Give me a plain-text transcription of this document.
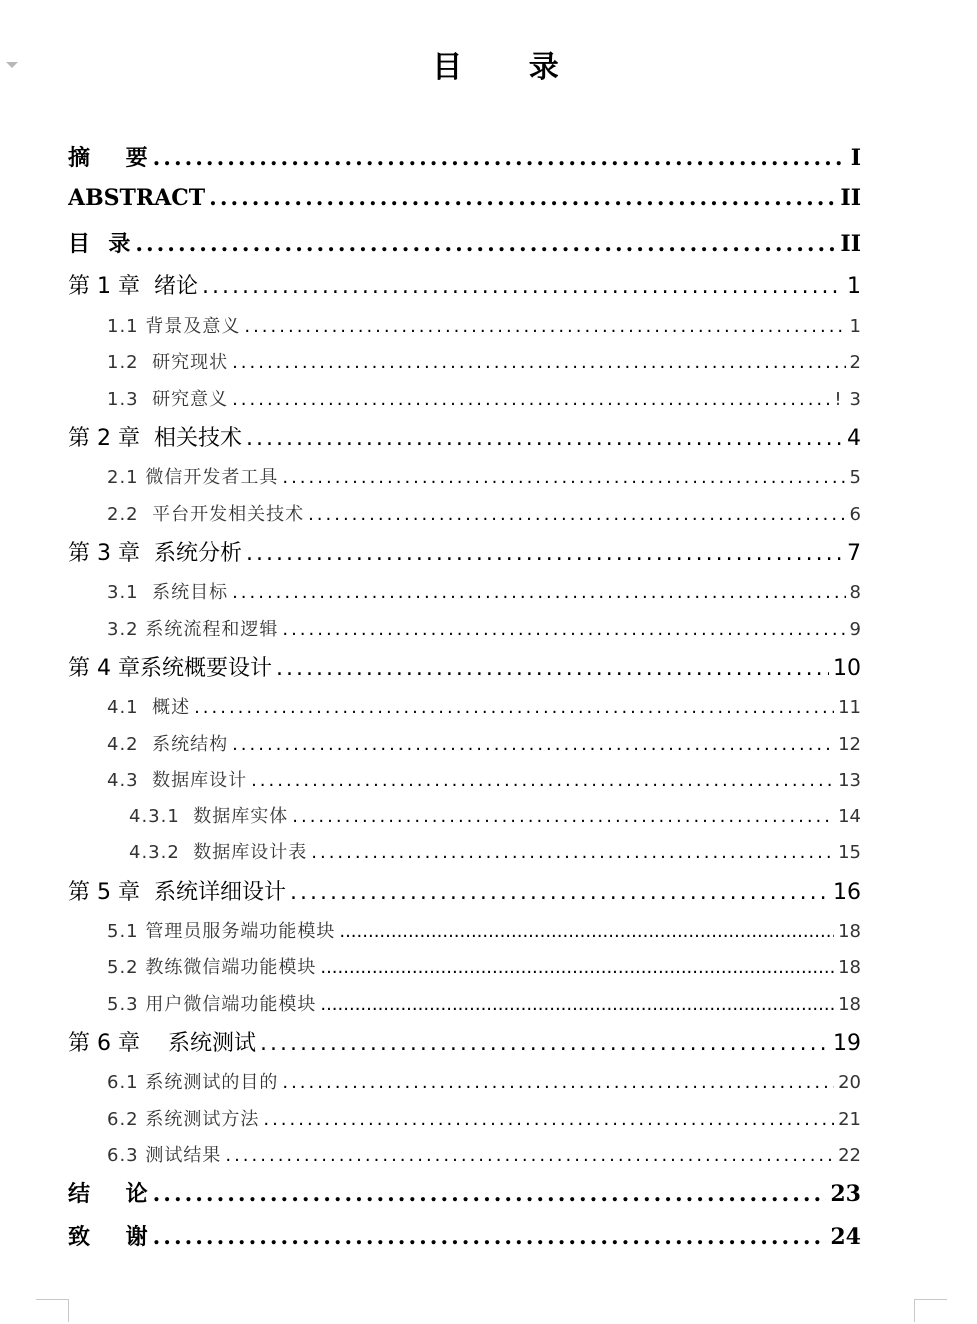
目 录
摘    要 .....	I
ABSTRACT .....	II
目  录 .....	II
第 1 章  绪论 .....	1
1.1 背景及意义 .....	1
1.2  研究现状 .....	2
1.3  研究意义 .....	! 3
第 2 章  相关技术 .....	4
2.1 微信开发者工具 .....	5
2.2  平台开发相关技术 .....	6
第 3 章  系统分析 .....	7
3.1  系统目标 .....	8
3.2 系统流程和逻辑 .....	9
第 4 章系统概要设计 .....	10
4.1  概述 .....	11
4.2  系统结构 .....	12
4.3  数据库设计 .....	13
4.3.1  数据库实体 .....	14
4.3.2  数据库设计表 .....	15
第 5 章  系统详细设计 .....	16
5.1 管理员服务端功能模块 .....	18
5.2 教练微信端功能模块 .....	18
5.3 用户微信端功能模块 .....	18
第 6 章    系统测试 .....	19
6.1 系统测试的目的 .....	20
6.2 系统测试方法 .....	21
6.3 测试结果 .....	22
结    论 .....	23
致    谢 .....	24
